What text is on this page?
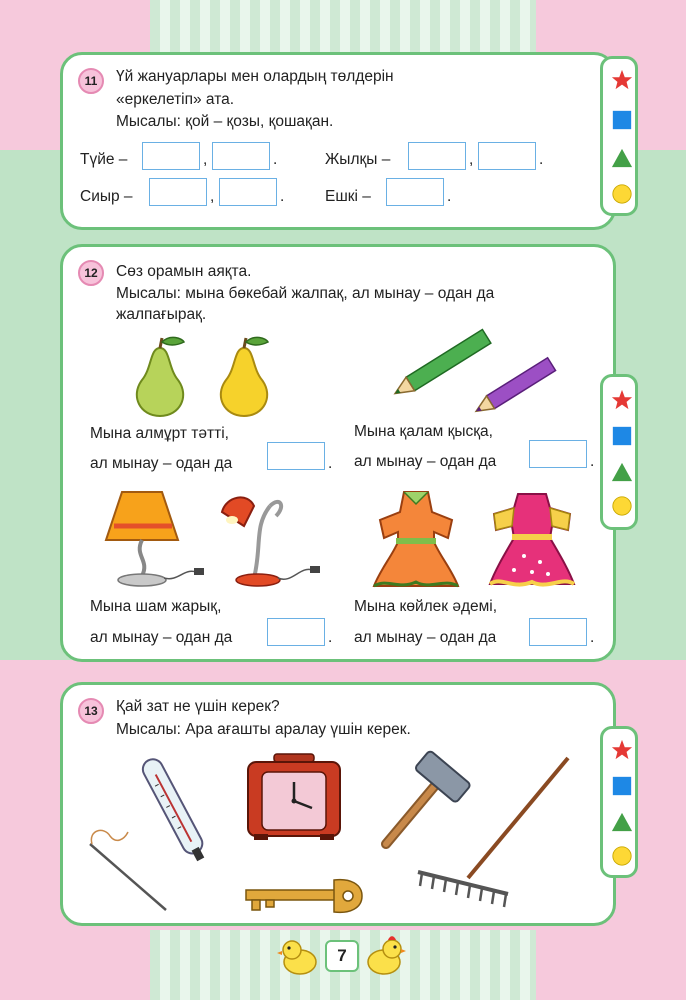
11	Үй жануарлары мен олардың төлдерін
«еркелетіп» ата.
Мысалы: қой – қозы, қошақан.
Түйе –	,	.	Жылқы –	,	.
Сиыр –	,	.	Ешкі –	.
12	Сөз орамын аяқта.
Мысалы: мына бөкебай жалпақ, ал мынау – одан да
жалпағырақ.
Мына алмұрт тәтті,
ал мынау – одан да	.
Мына қалам қысқа,
ал мынау – одан да	.
Мына шам жарық,
ал мынау – одан да	.
Мына көйлек әдемі,
ал мынау – одан да	.
13	Қай зат не үшін керек?
Мысалы: Ара ағашты аралау үшін керек.
7
